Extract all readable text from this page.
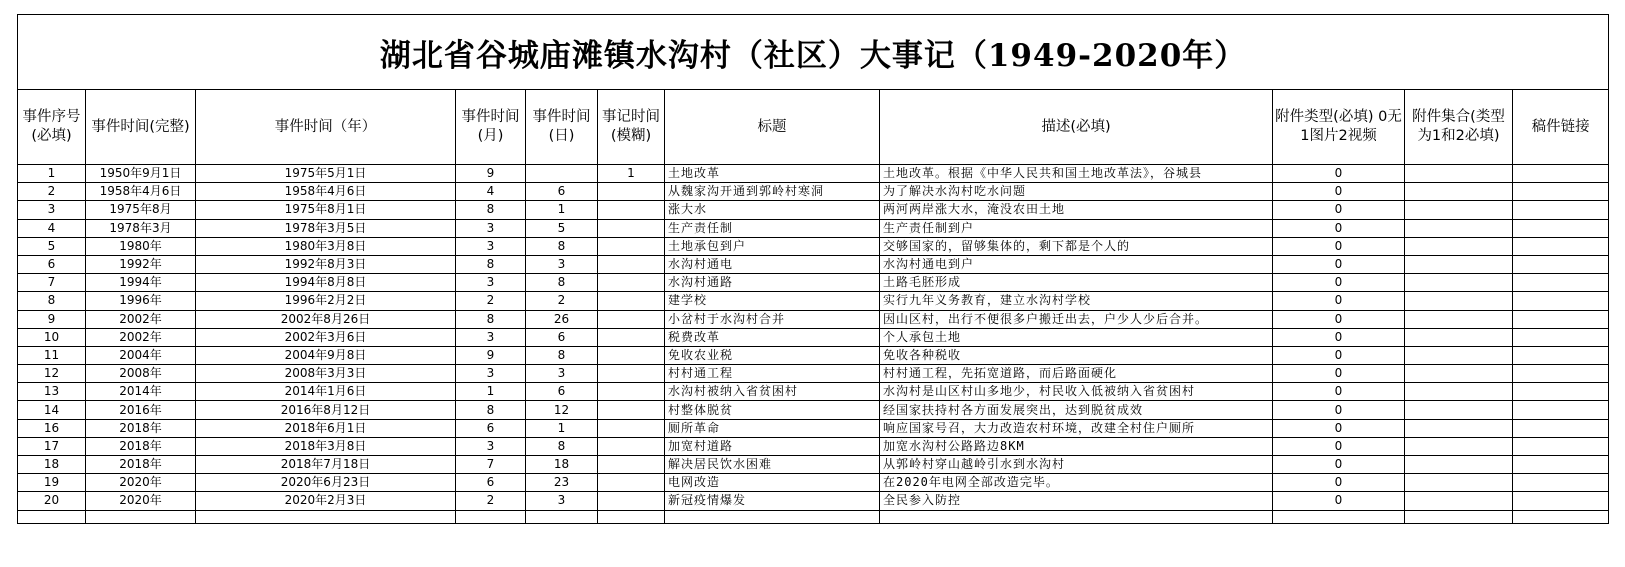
湖北省谷城庙滩镇水沟村（社区）大事记（1949-2020年）										
事件序号(必填)	事件时间(完整)	事件时间（年）	事件时间(月)	事件时间(日)	事记时间(模糊)	标题	描述(必填)	附件类型(必填) 0无1图片2视频	附件集合(类型为1和2必填)	稿件链接
1	1950年9月1日	1975年5月1日	9		1	土地改革	土地改革。根据《中华人民共和国土地改革法》，谷城县	0		
2	1958年4月6日	1958年4月6日	4	6		从魏家沟开通到郭岭村寒洞	为了解决水沟村吃水问题	0		
3	1975年8月	1975年8月1日	8	1		涨大水	两河两岸涨大水，淹没农田土地	0		
4	1978年3月	1978年3月5日	3	5		生产责任制	生产责任制到户	0		
5	1980年	1980年3月8日	3	8		土地承包到户	交够国家的，留够集体的，剩下都是个人的	0		
6	1992年	1992年8月3日	8	3		水沟村通电	水沟村通电到户	0		
7	1994年	1994年8月8日	3	8		水沟村通路	土路毛胚形成	0		
8	1996年	1996年2月2日	2	2		建学校	实行九年义务教育，建立水沟村学校	0		
9	2002年	2002年8月26日	8	26		小岔村于水沟村合并	因山区村，出行不便很多户搬迁出去，户少人少后合并。	0		
10	2002年	2002年3月6日	3	6		税费改革	个人承包土地	0		
11	2004年	2004年9月8日	9	8		免收农业税	免收各种税收	0		
12	2008年	2008年3月3日	3	3		村村通工程	村村通工程，先拓宽道路，而后路面硬化	0		
13	2014年	2014年1月6日	1	6		水沟村被纳入省贫困村	水沟村是山区村山多地少，村民收入低被纳入省贫困村	0		
14	2016年	2016年8月12日	8	12		村整体脱贫	经国家扶持村各方面发展突出，达到脱贫成效	0		
16	2018年	2018年6月1日	6	1		厕所革命	响应国家号召，大力改造农村环境，改建全村住户厕所	0		
17	2018年	2018年3月8日	3	8		加宽村道路	加宽水沟村公路路边8KM	0		
18	2018年	2018年7月18日	7	18		解决居民饮水困难	从郭岭村穿山越岭引水到水沟村	0		
19	2020年	2020年6月23日	6	23		电网改造	在2020年电网全部改造完毕。	0		
20	2020年	2020年2月3日	2	3		新冠疫情爆发	全民参入防控	0		
